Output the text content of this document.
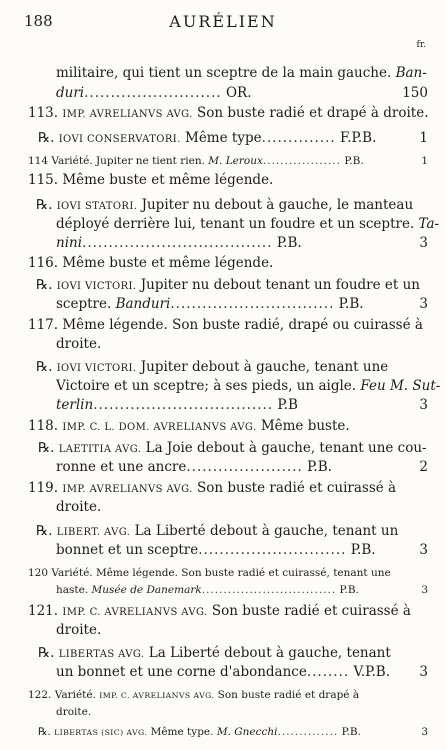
188	AURÉLIEN
fr.
militaire, qui tient un sceptre de la main gauche. Ban-
duri.......................... OR.	150
113. IMP. AVRELIANVS AVG. Son buste radié et drapé à droite.
℞. IOVI CONSERVATORI. Même type.............. F.P.B.	1
114 Variété. Jupiter ne tient rien. M. Leroux.................. P.B.	1
115. Même buste et même légende.
℞. IOVI STATORI. Jupiter nu debout à gauche, le manteau
déployé derrière lui, tenant un foudre et un sceptre. Ta-
nini.................................... P.B.	3
116. Même buste et même légende.
℞. IOVI VICTORI. Jupiter nu debout tenant un foudre et un
sceptre. Banduri............................... P.B.	3
117. Même légende. Son buste radié, drapé ou cuirassé à
droite.
℞. IOVI VICTORI. Jupiter debout à gauche, tenant une
Victoire et un sceptre; à ses pieds, un aigle. Feu M. Sut-
terlin.................................. P.B	3
118. IMP. C. L. DOM. AVRELIANVS AVG. Même buste.
℞. LAETITIA AVG. La Joie debout à gauche, tenant une cou-
ronne et une ancre...................... P.B.	2
119. IMP. AVRELIANVS AVG. Son buste radié et cuirassé à
droite.
℞. LIBERT. AVG. La Liberté debout à gauche, tenant un
bonnet et un sceptre............................ P.B.	3
120 Variété. Même légende. Son buste radié et cuirassé, tenant une
haste. Musée de Danemark............................... P.B.	3
121. IMP. C. AVRELIANVS AVG. Son buste radié et cuirassé à
droite.
℞. LIBERTAS AVG. La Liberté debout à gauche, tenant
un bonnet et une corne d'abondance........ V.P.B.	3
122. Variété. IMP. C. AVRELIANVS AVG. Son buste radié et drapé à
droite.
℞. LIBERTAS (SIC) AVG. Même type. M. Gnecchi.............. P.B.	3
